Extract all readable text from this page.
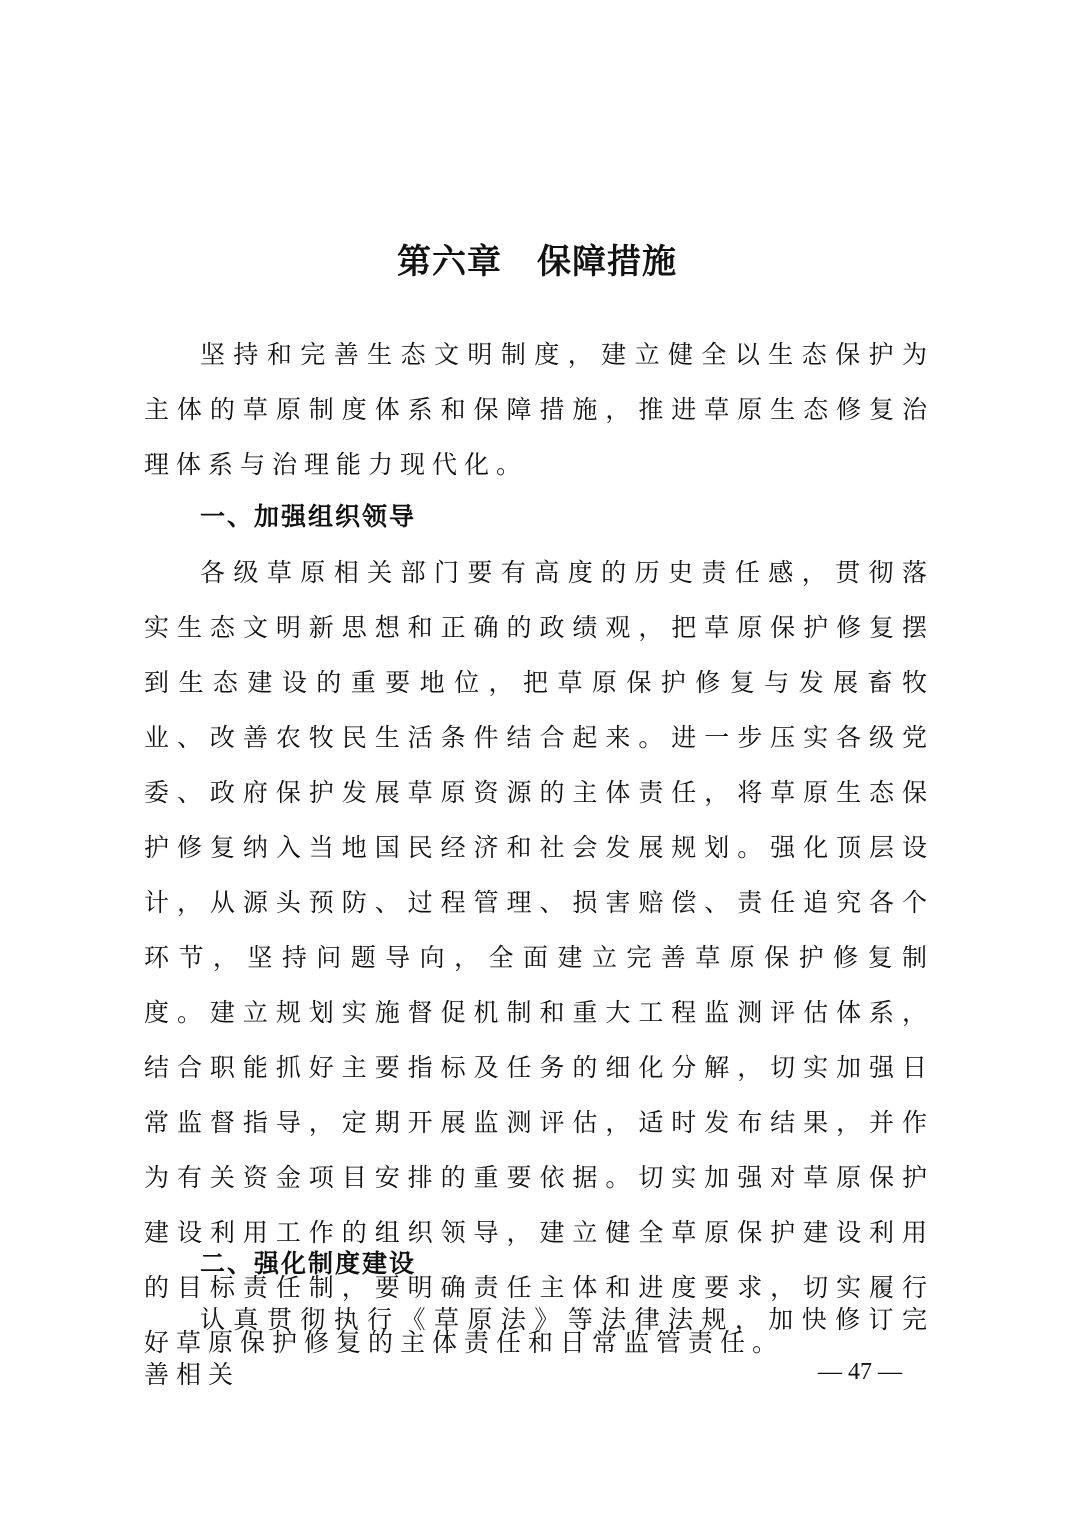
第六章　保障措施
坚持和完善生态文明制度，建立健全以生态保护为主体的草原制度体系和保障措施，推进草原生态修复治理体系与治理能力现代化。
一、加强组织领导
各级草原相关部门要有高度的历史责任感，贯彻落实生态文明新思想和正确的政绩观，把草原保护修复摆到生态建设的重要地位，把草原保护修复与发展畜牧业、改善农牧民生活条件结合起来。进一步压实各级党委、政府保护发展草原资源的主体责任，将草原生态保护修复纳入当地国民经济和社会发展规划。强化顶层设计，从源头预防、过程管理、损害赔偿、责任追究各个环节，坚持问题导向，全面建立完善草原保护修复制度。建立规划实施督促机制和重大工程监测评估体系，结合职能抓好主要指标及任务的细化分解，切实加强日常监督指导，定期开展监测评估，适时发布结果，并作为有关资金项目安排的重要依据。切实加强对草原保护建设利用工作的组织领导，建立健全草原保护建设利用的目标责任制，要明确责任主体和进度要求，切实履行好草原保护修复的主体责任和日常监管责任。
二、强化制度建设
认真贯彻执行《草原法》等法律法规，加快修订完善相关	— 47 —
